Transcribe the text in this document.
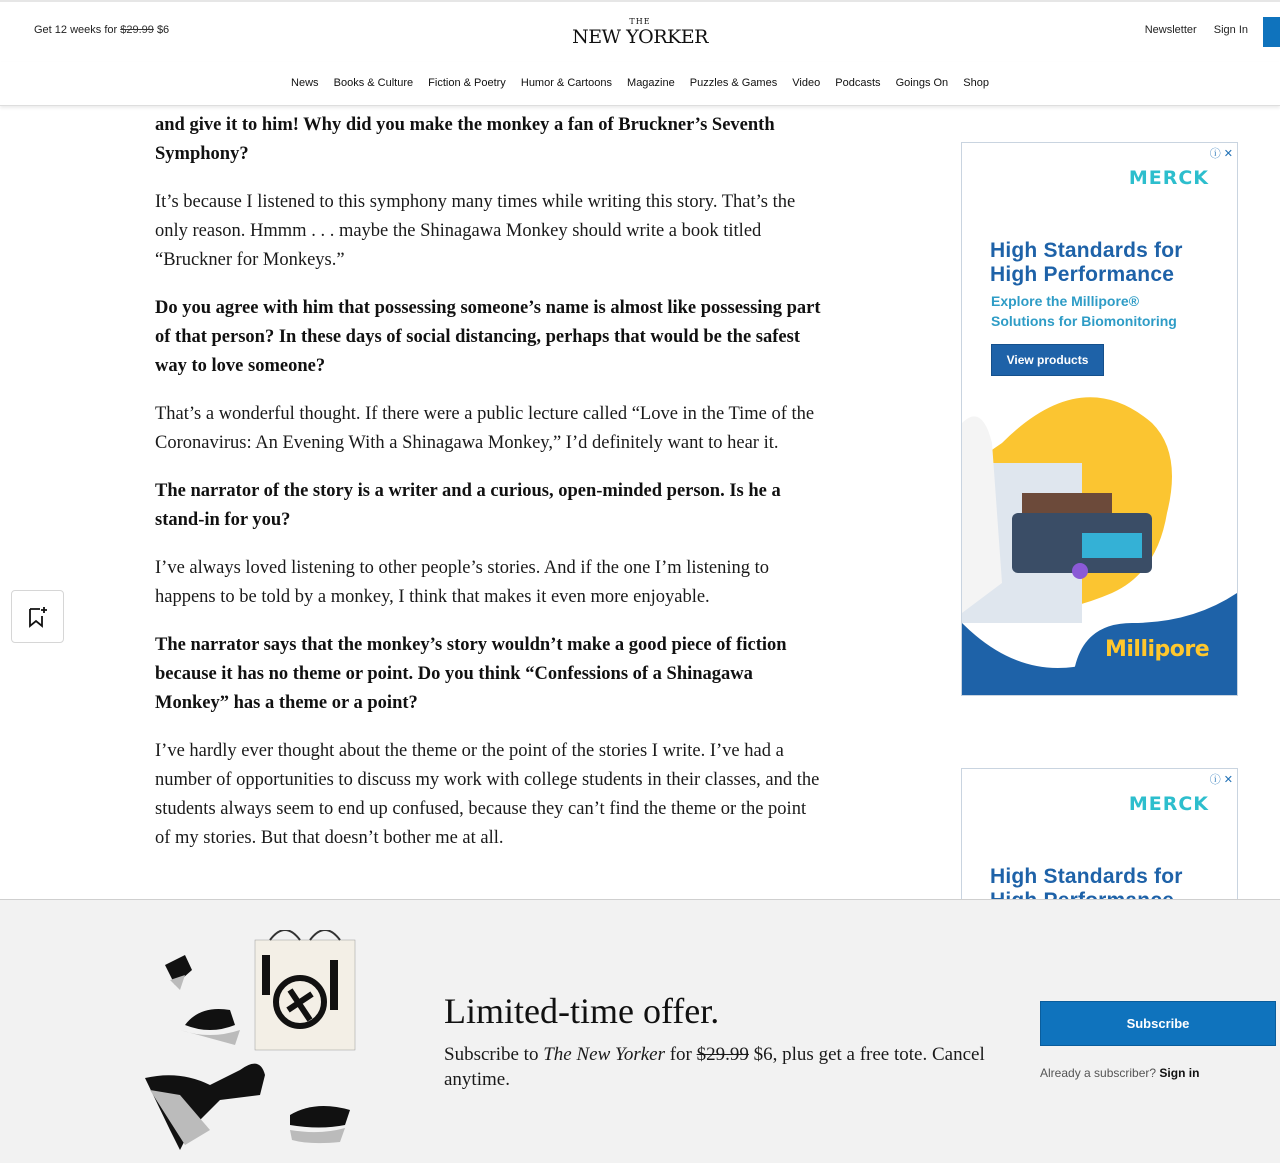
Get 12 weeks for $29.99 $6
THE
NEW YORKER	Newsletter Sign In
News Books & Culture Fiction & Poetry Humor & Cartoons Magazine Puzzles & Games Video Podcasts Goings On Shop

and give it to him! Why did you make the monkey a fan of Bruckner’s Seventh Symphony?

It’s because I listened to this symphony many times while writing this story. That’s the only reason. Hmmm . . . maybe the Shinagawa Monkey should write a book titled “Bruckner for Monkeys.”

Do you agree with him that possessing someone’s name is almost like possessing part of that person? In these days of social distancing, perhaps that would be the safest way to love someone?

That’s a wonderful thought. If there were a public lecture called “Love in the Time of the Coronavirus: An Evening With a Shinagawa Monkey,” I’d definitely want to hear it.

The narrator of the story is a writer and a curious, open-minded person. Is he a stand-in for you?

I’ve always loved listening to other people’s stories. And if the one I’m listening to happens to be told by a monkey, I think that makes it even more enjoyable.

The narrator says that the monkey’s story wouldn’t make a good piece of fiction because it has no theme or point. Do you think “Confessions of a Shinagawa Monkey” has a theme or a point?

I’ve hardly ever thought about the theme or the point of the stories I write. I’ve had a number of opportunities to discuss my work with college students in their classes, and the students always seem to end up confused, because they can’t find the theme or the point of my stories. But that doesn’t bother me at all.

ⓘ ✕
MERCK
High Standards for
High Performance
Explore the Millipore®
Solutions for Biomonitoring
View products
Millipore
ⓘ ✕
MERCK
High Standards for
Limited-time offer.
Subscribe to The New Yorker for $29.99 $6, plus get a free tote. Cancel anytime.
Subscribe
Already a subscriber? Sign in
